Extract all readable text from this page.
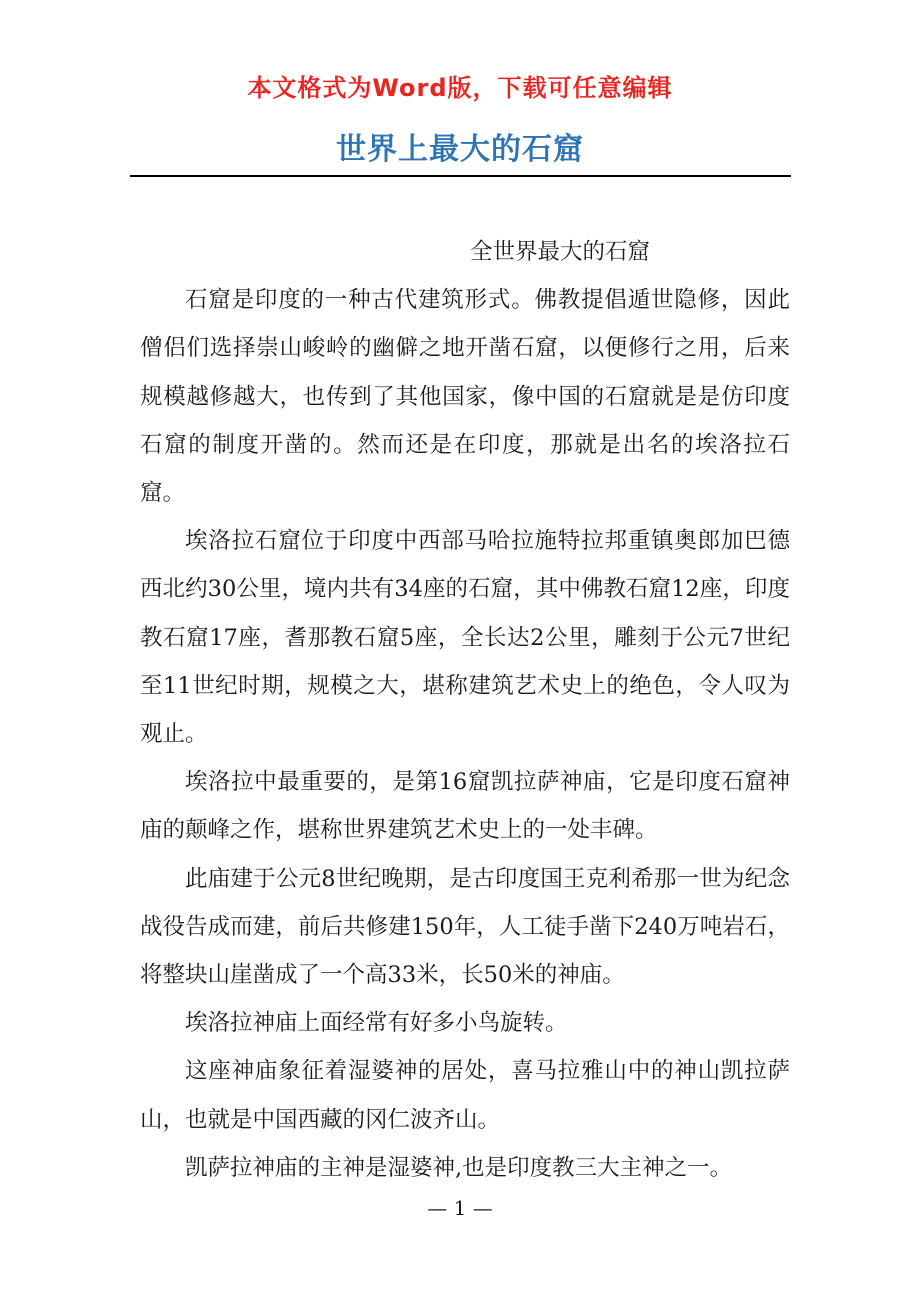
本文格式为Word版，下载可任意编辑
世界上最大的石窟

全世界最大的石窟

石窟是印度的一种古代建筑形式。佛教提倡遁世隐修，因此僧侣们选择崇山峻岭的幽僻之地开凿石窟，以便修行之用，后来规模越修越大，也传到了其他国家，像中国的石窟就是是仿印度石窟的制度开凿的。然而还是在印度，那就是出名的埃洛拉石窟。

埃洛拉石窟位于印度中西部马哈拉施特拉邦重镇奥郎加巴德西北约30公里，境内共有34座的石窟，其中佛教石窟12座，印度教石窟17座，耆那教石窟5座，全长达2公里，雕刻于公元7世纪至11世纪时期，规模之大，堪称建筑艺术史上的绝色，令人叹为观止。

埃洛拉中最重要的，是第16窟凯拉萨神庙，它是印度石窟神庙的颠峰之作，堪称世界建筑艺术史上的一处丰碑。

此庙建于公元8世纪晚期，是古印度国王克利希那一世为纪念战役告成而建，前后共修建150年，人工徒手凿下240万吨岩石，将整块山崖凿成了一个高33米，长50米的神庙。

埃洛拉神庙上面经常有好多小鸟旋转。

这座神庙象征着湿婆神的居处，喜马拉雅山中的神山凯拉萨山，也就是中国西藏的冈仁波齐山。

凯萨拉神庙的主神是湿婆神,也是印度教三大主神之一。

— 1 —
